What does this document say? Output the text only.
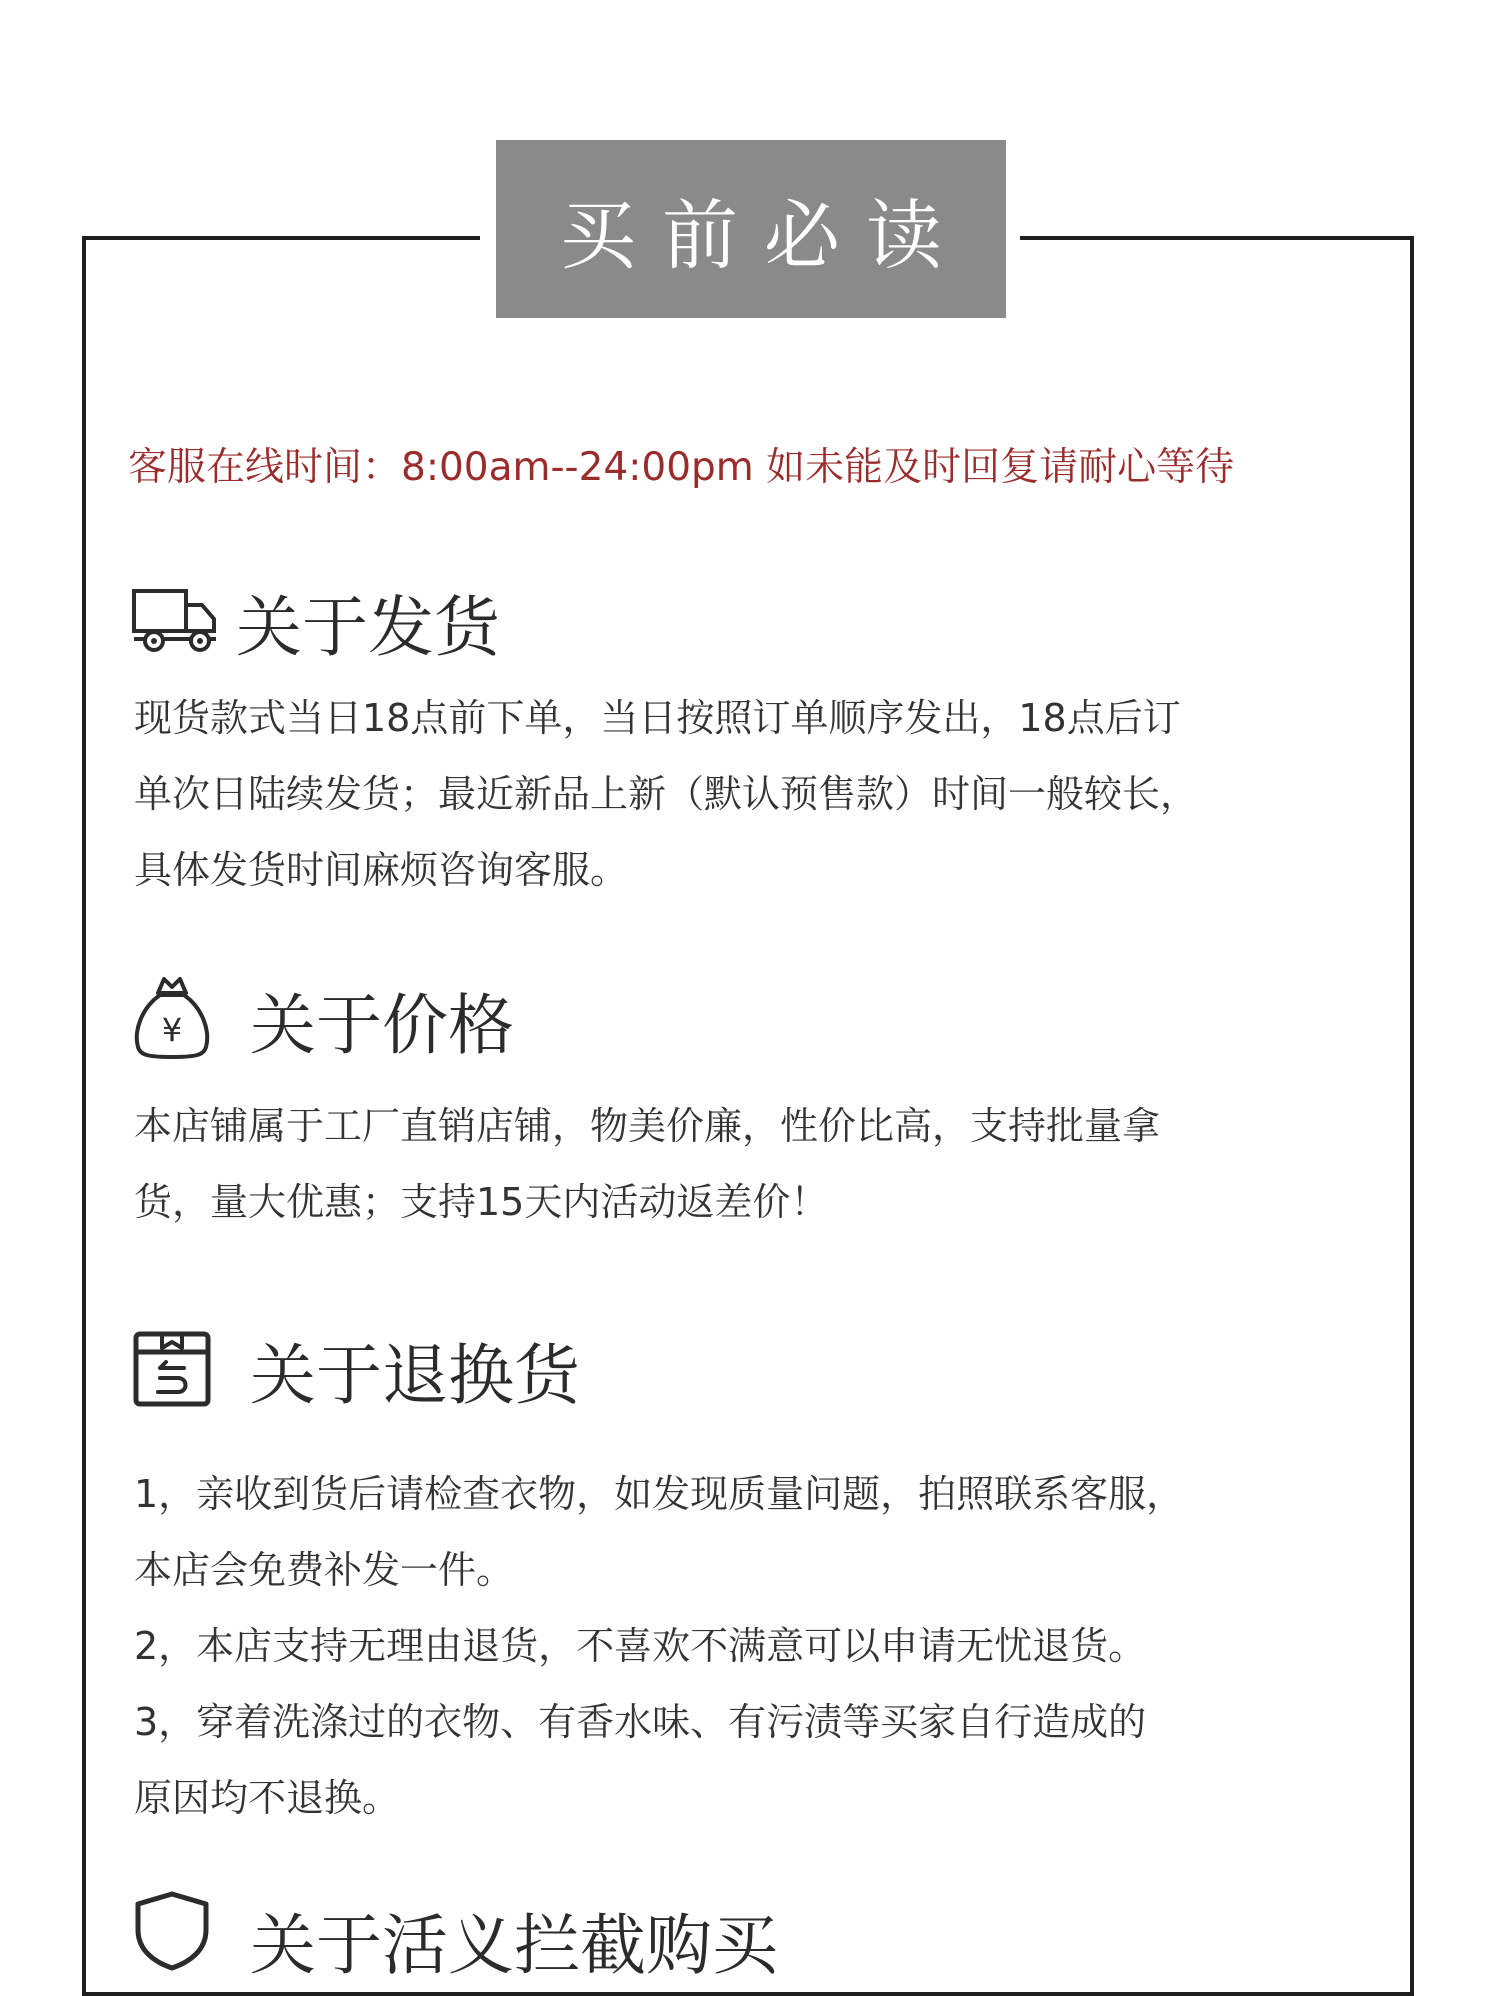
买前必读
客服在线时间：8:00am--24:00pm 如未能及时回复请耐心等待
关于发货

现货款式当日18点前下单，当日按照订单顺序发出，18点后订

单次日陆续发货；最近新品上新（默认预售款）时间一般较长，

具体发货时间麻烦咨询客服。

¥ 关于价格

本店铺属于工厂直销店铺，物美价廉，性价比高，支持批量拿

货，量大优惠；支持15天内活动返差价！

关于退换货

1，亲收到货后请检查衣物，如发现质量问题，拍照联系客服，

本店会免费补发一件。

2，本店支持无理由退货，不喜欢不满意可以申请无忧退货。

3，穿着洗涤过的衣物、有香水味、有污渍等买家自行造成的

原因均不退换。

关于活义拦截购买
